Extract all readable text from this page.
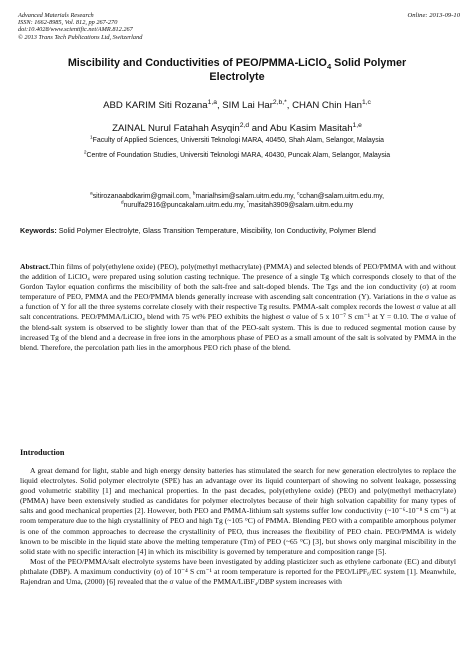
Advanced Materials Research
ISSN: 1662-8985, Vol. 812, pp 267-270
doi:10.4028/www.scientific.net/AMR.812.267
© 2013 Trans Tech Publications Ltd, Switzerland
Online: 2013-09-10
Miscibility and Conductivities of PEO/PMMA-LiClO$_4$ Solid Polymer
Electrolyte
ABD KARIM Siti Rozana$^{1,a}$, SIM Lai Har$^{2,b,*}$, CHAN Chin Han$^{1,c}$
ZAINAL Nurul Fatahah Asyqin$^{2,d}$ and Abu Kasim Masitah$^{1,e}$

$^1$Faculty of Applied Sciences, Universiti Teknologi MARA, 40450, Shah Alam, Selangor, Malaysia

$^2$Centre of Foundation Studies, Universiti Teknologi MARA, 40430, Puncak Alam, Selangor, Malaysia

$^a$sitirozanaabdkarim@gmail.com, $^b$marialhsim@salam.uitm.edu.my, $^c$cchan@salam.uitm.edu.my,
$^d$nurulfa2916@puncakalam.uitm.edu.my, *masitah3909@salam.uitm.edu.my
Keywords: Solid Polymer Electrolyte, Glass Transition Temperature, Miscibility, Ion Conductivity, Polymer Blend
Abstract.Thin films of poly(ethylene oxide) (PEO), poly(methyl methacrylate) (PMMA) and selected blends of PEO/PMMA with and without the addition of LiClO₄ were prepared using solution casting technique. The presence of a single Tg which corresponds closely to that of the Gordon Taylor equation confirms the miscibility of both the salt-free and salt-doped blends. The Tgs and the ion conductivity (σ) at room temperature of PEO, PMMA and the PEO/PMMA blends generally increase with ascending salt concentration (Y). Variations in the σ value as a function of Y for all the three systems correlate closely with their respective Tg results. PMMA-salt complex records the lowest σ value at all salt concentrations. PEO/PMMA/LiClO₄ blend with 75 wt% PEO exhibits the highest σ value of 5 x 10⁻⁷ S cm⁻¹ at Y = 0.10. The σ value of the blend-salt system is observed to be slightly lower than that of the PEO-salt system. This is due to reduced segmental motion cause by increased Tg of the blend and a decrease in free ions in the amorphous phase of PEO as a small amount of the salt is solvated by PMMA in the blend. Therefore, the percolation path lies in the amorphous PEO rich phase of the blend.
Introduction

A great demand for light, stable and high energy density batteries has stimulated the search for new generation electrolytes to replace the liquid electrolytes. Solid polymer electrolyte (SPE) has an advantage over its liquid counterpart of showing no solvent leakage, possessing good volumetric stability [1] and mechanical properties. In the past decades, poly(ethylene oxide) (PEO) and poly(methyl methacrylate) (PMMA) have been extensively studied as candidates for polymer electrolytes because of their high solvation capability for many types of salts and good mechanical properties [2]. However, both PEO and PMMA-lithium salt systems suffer low conductivity (~10⁻⁶-10⁻⁸ S cm⁻¹) at room temperature due to the high crystallinity of PEO and high Tg (~105 °C) of PMMA. Blending PEO with a compatible amorphous polymer is one of the common approaches to decrease the crystallinity of PEO, thus increases the flexibility of PEO chain. PEO/PMMA is widely known to be miscible in the liquid state above the melting temperature (Tm) of PEO (~65 °C) [3], but shows only marginal miscibility in the solid state with no specific interaction [4] in which its miscibility is governed by temperature and composition range [5].

Most of the PEO/PMMA/salt electrolyte systems have been investigated by adding plasticizer such as ethylene carbonate (EC) and dibutyl phthalate (DBP). A maximum conductivity (σ) of 10⁻⁴ S cm⁻¹ at room temperature is reported for the PEO/LiPF₆/EC system [1]. Meanwhile, Rajendran and Uma, (2000) [6] revealed that the σ value of the PMMA/LiBF₄/DBP system increases with
